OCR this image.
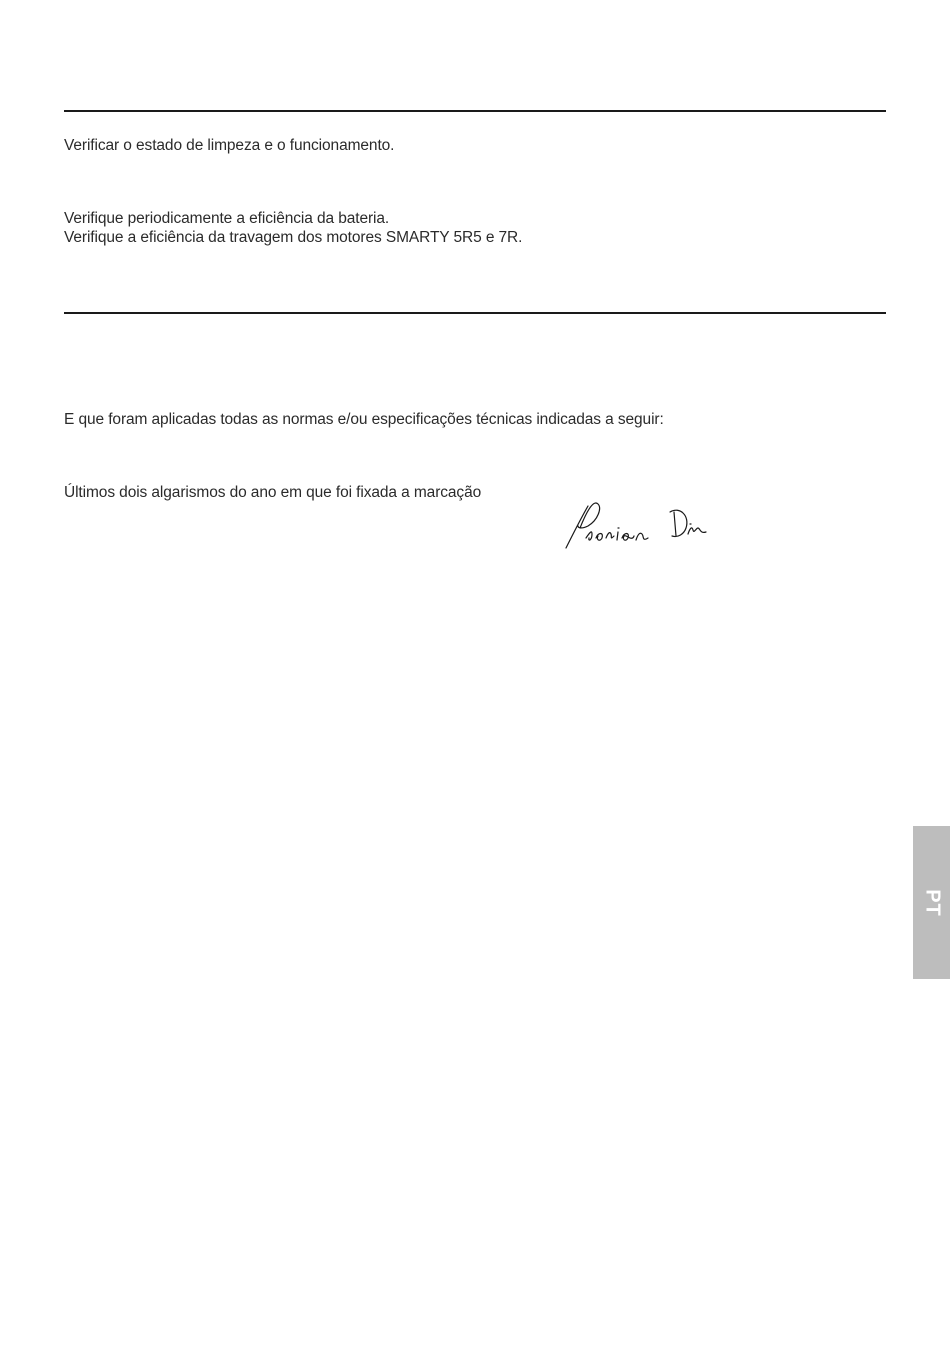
Verificar o estado de limpeza e o funcionamento.
Verifique periodicamente a eficiência da bateria.
Verifique a eficiência da travagem dos motores SMARTY 5R5 e 7R.
E que foram aplicadas todas as normas e/ou especificações técnicas indicadas a seguir:
Últimos dois algarismos do ano em que foi fixada a marcação
PT
